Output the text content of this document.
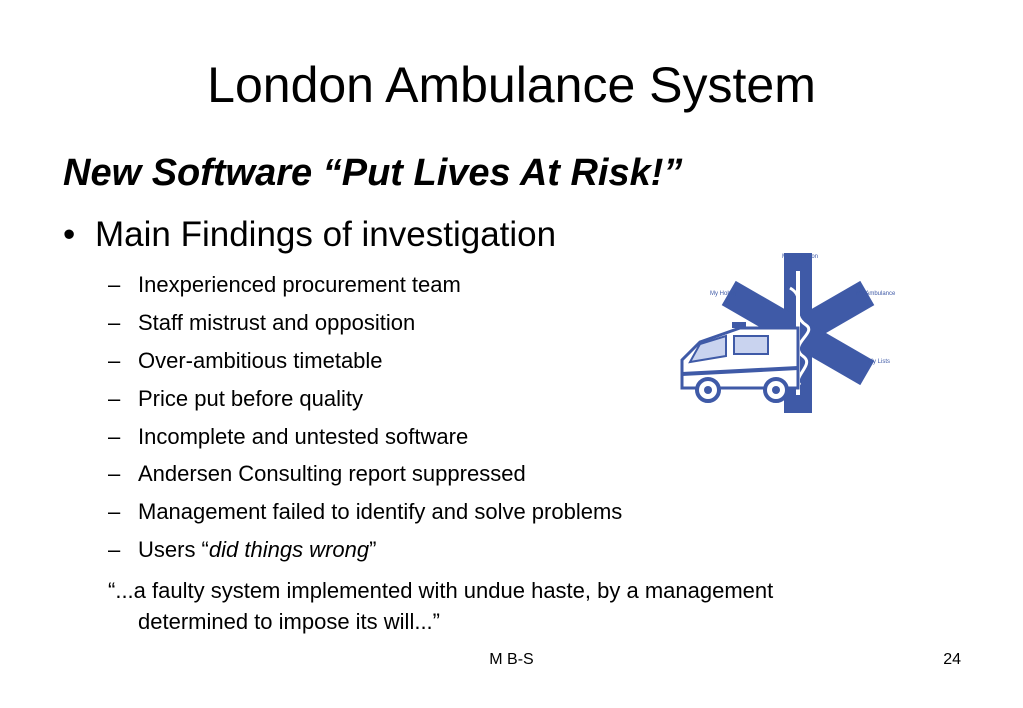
London Ambulance System
New Software “Put Lives At Risk!”
• Main Findings of investigation
– Inexperienced procurement team
– Staff mistrust and opposition
– Over-ambitious timetable
– Price put before quality
– Incomplete and untested software
– Andersen Consulting report suppressed
– Management failed to identify and solve problems
– Users “did things wrong”
“...a faulty system implemented with undue haste, by a management
determined to impose its will...”
My Collection
My Hobby	My Ambulance
My Lists
M B-S	24
